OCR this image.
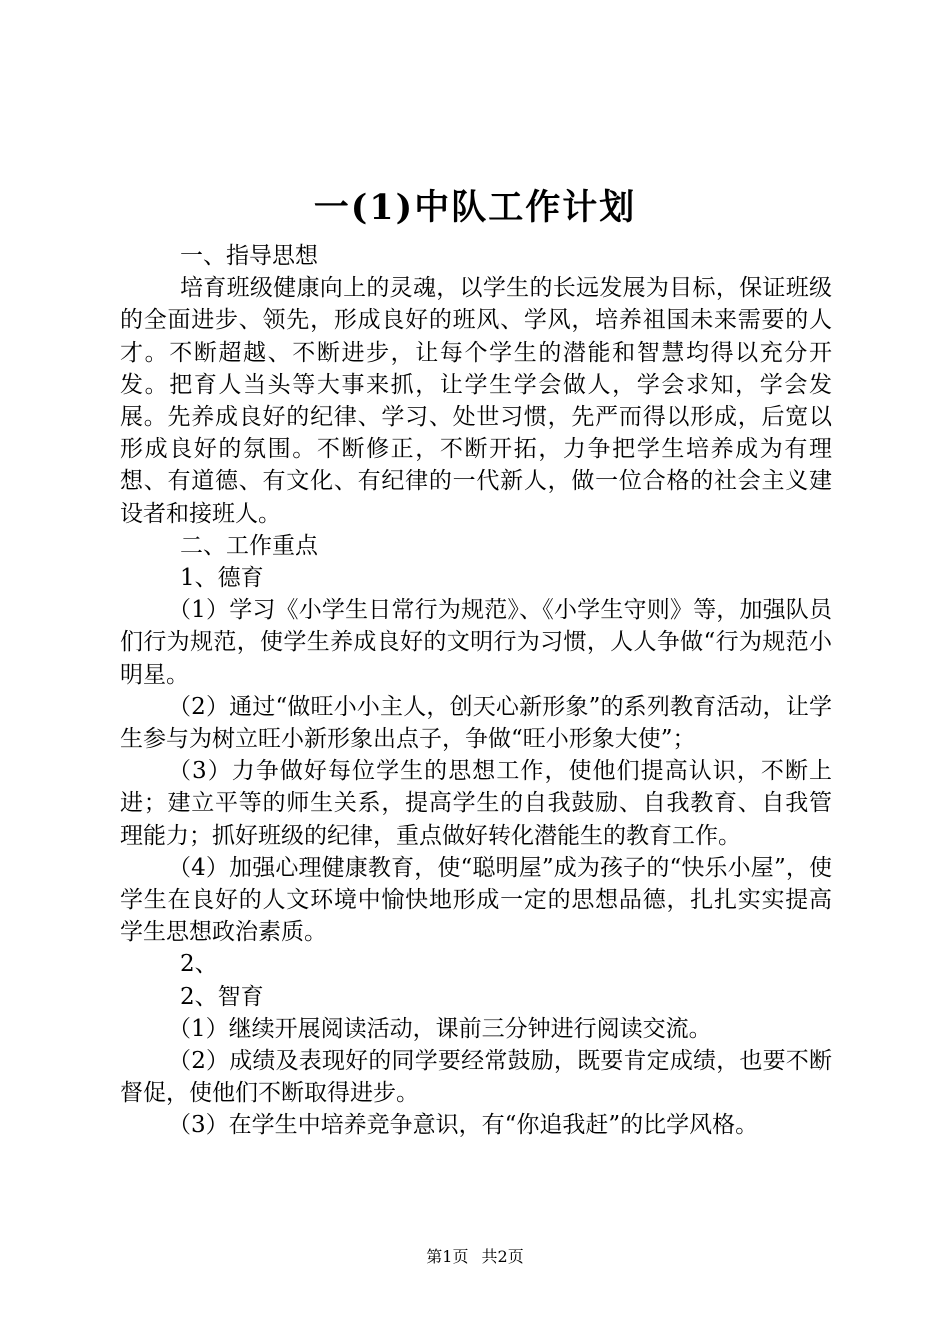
一(1)中队工作计划

一、指导思想

培育班级健康向上的灵魂，以学生的长远发展为目标，保证班级的全面进步、领先，形成良好的班风、学风，培养祖国未来需要的人才。不断超越、不断进步，让每个学生的潜能和智慧均得以充分开发。把育人当头等大事来抓，让学生学会做人，学会求知，学会发展。先养成良好的纪律、学习、处世习惯，先严而得以形成，后宽以形成良好的氛围。不断修正，不断开拓，力争把学生培养成为有理想、有道德、有文化、有纪律的一代新人，做一位合格的社会主义建设者和接班人。

二、工作重点

1、德育

（1）学习《小学生日常行为规范》、《小学生守则》等，加强队员们行为规范，使学生养成良好的文明行为习惯，人人争做“行为规范小明星。

（2）通过“做旺小小主人，创天心新形象”的系列教育活动，让学生参与为树立旺小新形象出点子，争做“旺小形象大使”；

（3）力争做好每位学生的思想工作，使他们提高认识，不断上进；建立平等的师生关系，提高学生的自我鼓励、自我教育、自我管理能力；抓好班级的纪律，重点做好转化潜能生的教育工作。

（4）加强心理健康教育，使“聪明屋”成为孩子的“快乐小屋”，使学生在良好的人文环境中愉快地形成一定的思想品德，扎扎实实提高学生思想政治素质。

2、

2、智育

（1）继续开展阅读活动，课前三分钟进行阅读交流。

（2）成绩及表现好的同学要经常鼓励，既要肯定成绩，也要不断督促，使他们不断取得进步。

（3）在学生中培养竞争意识，有“你追我赶”的比学风格。

第1页 共2页
